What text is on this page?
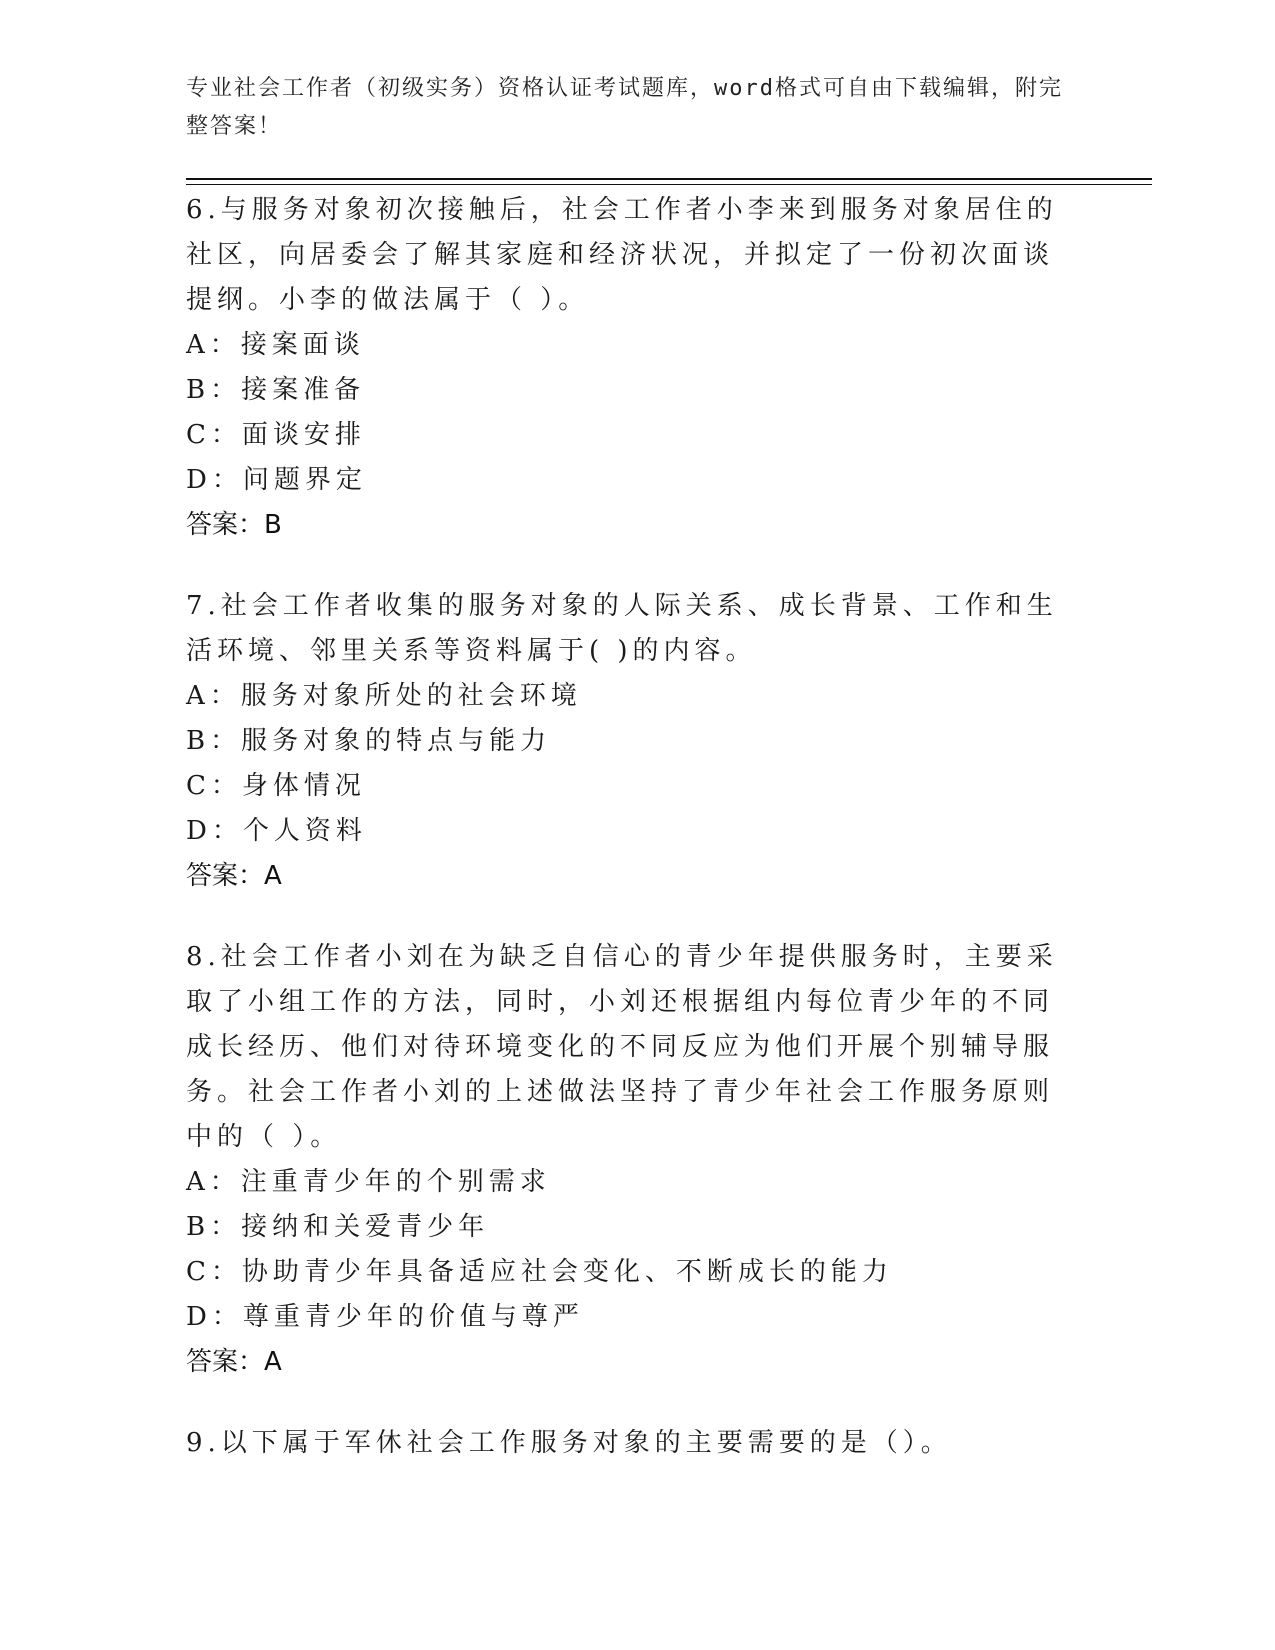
专业社会工作者（初级实务）资格认证考试题库，word格式可自由下载编辑，附完整答案！

6.与服务对象初次接触后，社会工作者小李来到服务对象居住的社区，向居委会了解其家庭和经济状况，并拟定了一份初次面谈提纲。小李的做法属于（ ）。

A：接案面谈

B：接案准备

C：面谈安排

D：问题界定

答案：B

7.社会工作者收集的服务对象的人际关系、成长背景、工作和生活环境、邻里关系等资料属于( )的内容。

A：服务对象所处的社会环境

B：服务对象的特点与能力

C：身体情况

D：个人资料

答案：A

8.社会工作者小刘在为缺乏自信心的青少年提供服务时，主要采取了小组工作的方法，同时，小刘还根据组内每位青少年的不同成长经历、他们对待环境变化的不同反应为他们开展个别辅导服务。社会工作者小刘的上述做法坚持了青少年社会工作服务原则中的（ ）。

A：注重青少年的个别需求

B：接纳和关爱青少年

C：协助青少年具备适应社会变化、不断成长的能力

D：尊重青少年的价值与尊严

答案：A

9.以下属于军休社会工作服务对象的主要需要的是（）。
